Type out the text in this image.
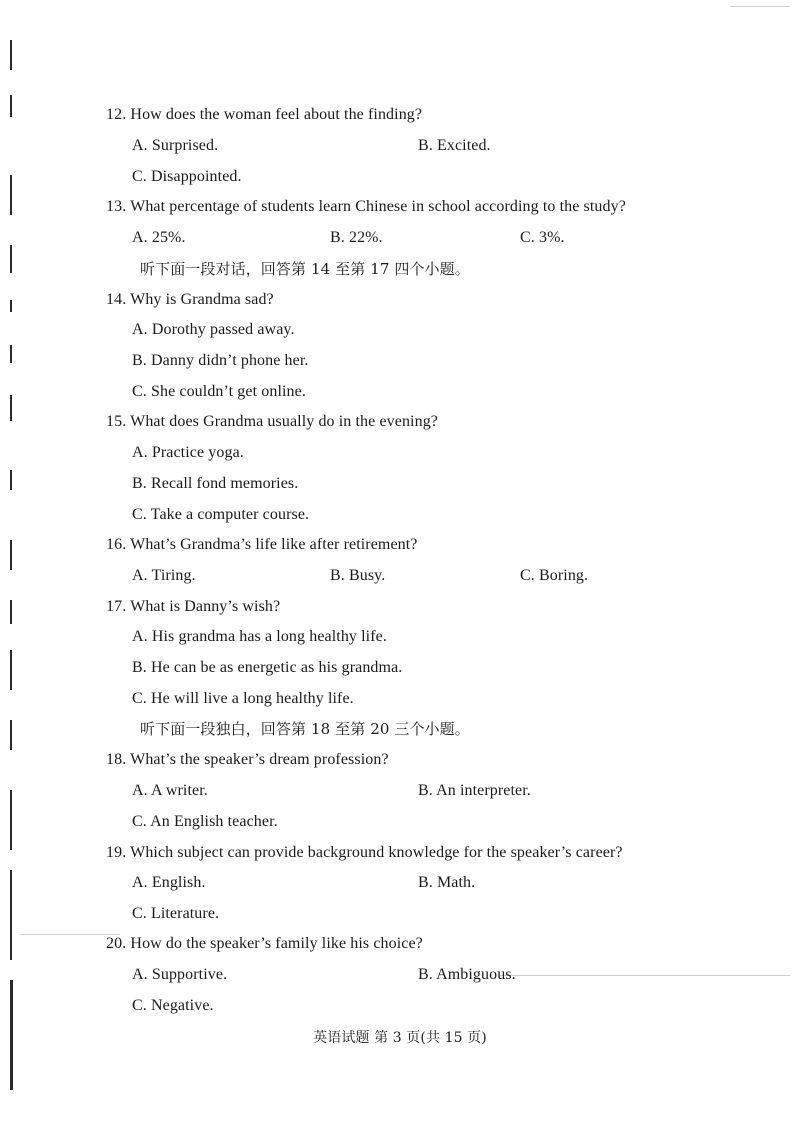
12. How does the woman feel about the finding?
A. Surprised.	B. Excited.
C. Disappointed.
13. What percentage of students learn Chinese in school according to the study?
A. 25%.	B. 22%.	C. 3%.
听下面一段对话，回答第 14 至第 17 四个小题。
14. Why is Grandma sad?
A. Dorothy passed away.
B. Danny didn’t phone her.
C. She couldn’t get online.
15. What does Grandma usually do in the evening?
A. Practice yoga.
B. Recall fond memories.
C. Take a computer course.
16. What’s Grandma’s life like after retirement?
A. Tiring.	B. Busy.	C. Boring.
17. What is Danny’s wish?
A. His grandma has a long healthy life.
B. He can be as energetic as his grandma.
C. He will live a long healthy life.
听下面一段独白，回答第 18 至第 20 三个小题。
18. What’s the speaker’s dream profession?
A. A writer.	B. An interpreter.
C. An English teacher.
19. Which subject can provide background knowledge for the speaker’s career?
A. English.	B. Math.
C. Literature.
20. How do the speaker’s family like his choice?
A. Supportive.	B. Ambiguous.
C. Negative.
英语试题 第 3 页(共 15 页)
